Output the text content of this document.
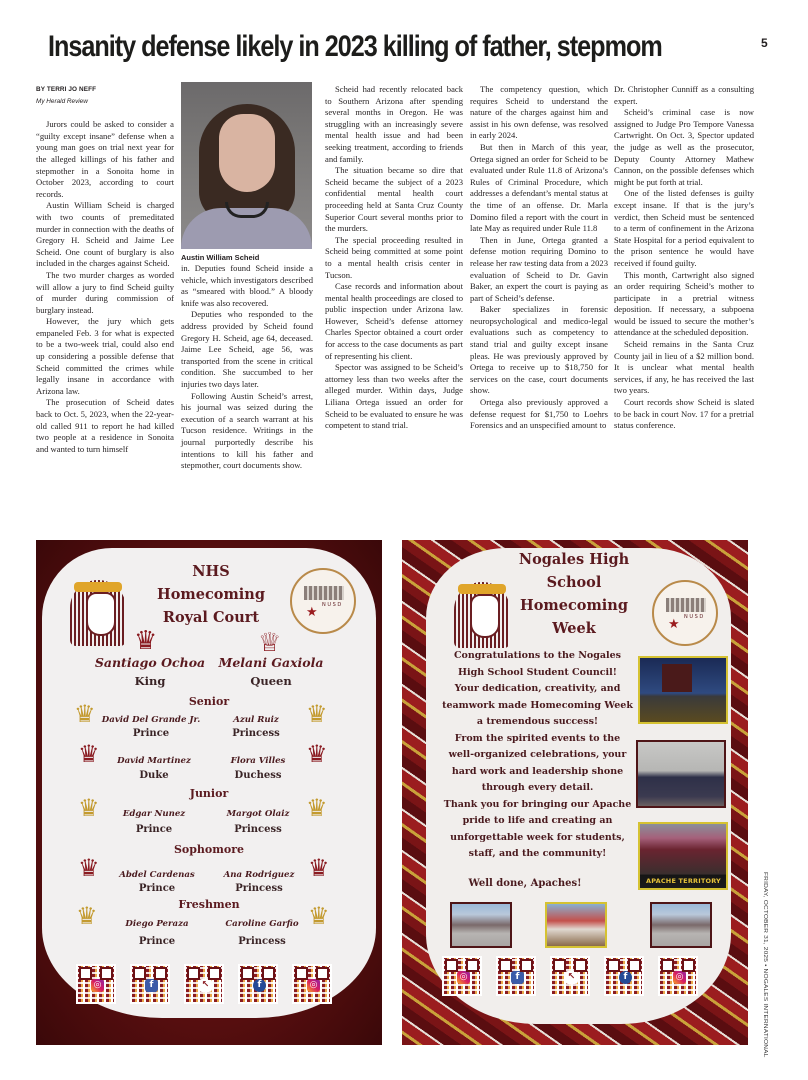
Insanity defense likely in 2023 killing of father, stepmom	5

BY TERRI JO NEFF

My Herald Review

Jurors could be asked to consider a “guilty except insane” defense when a young man goes on trial next year for the alleged killings of his father and stepmother in a Sonoita home in October 2023, according to court records.

Austin William Scheid is charged with two counts of premeditated murder in connection with the deaths of Gregory H. Scheid and Jaime Lee Scheid. One count of burglary is also included in the charges against Scheid.

The two murder charges as worded will allow a jury to find Scheid guilty of murder during commission of burglary instead.

However, the jury which gets empaneled Feb. 3 for what is expected to be a two-week trial, could also end up considering a possible defense that Scheid committed the crimes while legally insane in accordance with Arizona law.

The prosecution of Scheid dates back to Oct. 5, 2023, when the 22-year-old called 911 to report he had killed two people at a residence in Sonoita and wanted to turn himself

Austin William Scheid

in. Deputies found Scheid inside a vehicle, which investigators described as “smeared with blood.” A bloody knife was also recovered.

Deputies who responded to the address provided by Scheid found Gregory H. Scheid, age 64, deceased. Jaime Lee Scheid, age 56, was transported from the scene in critical condition. She succumbed to her injuries two days later.

Following Austin Scheid’s arrest, his journal was seized during the execution of a search warrant at his Tucson residence. Writings in the journal purportedly describe his intentions to kill his father and stepmother, court documents show.

Scheid had recently relocated back to Southern Arizona after spending several months in Oregon. He was struggling with an increasingly severe mental health issue and had been seeking treatment, according to friends and family.

The situation became so dire that Scheid became the subject of a 2023 confidential mental health court proceeding held at Santa Cruz County Superior Court several months prior to the murders.

The special proceeding resulted in Scheid being committed at some point to a mental health crisis center in Tucson.

Case records and information about mental health proceedings are closed to public inspection under Arizona law. However, Scheid’s defense attorney Charles Spector obtained a court order for access to the case documents as part of representing his client.

Spector was assigned to be Scheid’s attorney less than two weeks after the alleged murder. Within days, Judge Liliana Ortega issued an order for Scheid to be evaluated to ensure he was competent to stand trial.

The competency question, which requires Scheid to understand the nature of the charges against him and assist in his own defense, was resolved in early 2024.

But then in March of this year, Ortega signed an order for Scheid to be evaluated under Rule 11.8 of Arizona’s Rules of Criminal Procedure, which addresses a defendant’s mental status at the time of an offense. Dr. Marla Domino filed a report with the court in late May as required under Rule 11.8

Then in June, Ortega granted a defense motion requiring Domino to release her raw testing data from a 2023 evaluation of Scheid to Dr. Gavin Baker, an expert the court is paying as part of Scheid’s defense.

Baker specializes in forensic neuropsychological and medico-legal evaluations such as competency to stand trial and guilty except insane pleas. He was previously approved by Ortega to receive up to $18,750 for services on the case, court documents show.

Ortega also previously approved a defense request for $1,750 to Loehrs Forensics and an unspecified amount to

Dr. Christopher Cunniff as a consulting expert.

Scheid’s criminal case is now assigned to Judge Pro Tempore Vanessa Cartwright. On Oct. 3, Spector updated the judge as well as the prosecutor, Deputy County Attorney Mathew Cannon, on the possible defenses which might be put forth at trial.

One of the listed defenses is guilty except insane. If that is the jury’s verdict, then Scheid must be sentenced to a term of confinement in the Arizona State Hospital for a period equivalent to the prison sentence he would have received if found guilty.

This month, Cartwright also signed an order requiring Scheid’s mother to participate in a pretrial witness deposition. If necessary, a subpoena would be issued to secure the mother’s attendance at the scheduled deposition.

Scheid remains in the Santa Cruz County jail in lieu of a $2 million bond. It is unclear what mental health services, if any, he has received the last two years.

Court records show Scheid is slated to be back in court Nov. 17 for a pretrial status conference.

NHS
Homecoming
Royal Court	★ N U S D
♛	♕
Santiago Ochoa	Melani Gaxiola
King	Queen
Senior
♛	♛
David Del Grande Jr.	Azul Ruiz
Prince	Princess
♛	♛
David Martinez	Flora Villes
Duke	Duchess
Junior
♛	♛
Edgar Nunez	Margot Olaiz
Prince	Princess
Sophomore
♛	♛
Abdel Cardenas	Ana Rodriguez
Prince	Princess
Freshmen
♛	♛
Diego Peraza	Caroline Garfio
Prince	Princess
◎	f	↖	f	◎
Nogales High
School
Homecoming
Week	★ N U S D
Congratulations to the Nogales
High School Student Council!
Your dedication, creativity, and
teamwork made Homecoming Week
a tremendous success!
From the spirited events to the
well-organized celebrations, your
hard work and leadership shone
through every detail.
Thank you for bringing our Apache
pride to life and creating an
unforgettable week for students,
staff, and the community!
Well done, Apaches!	APACHE TERRITORY
◎	f	↖	f	◎	FRIDAY, OCTOBER 31, 2025 • NOGALES INTERNATIONAL
